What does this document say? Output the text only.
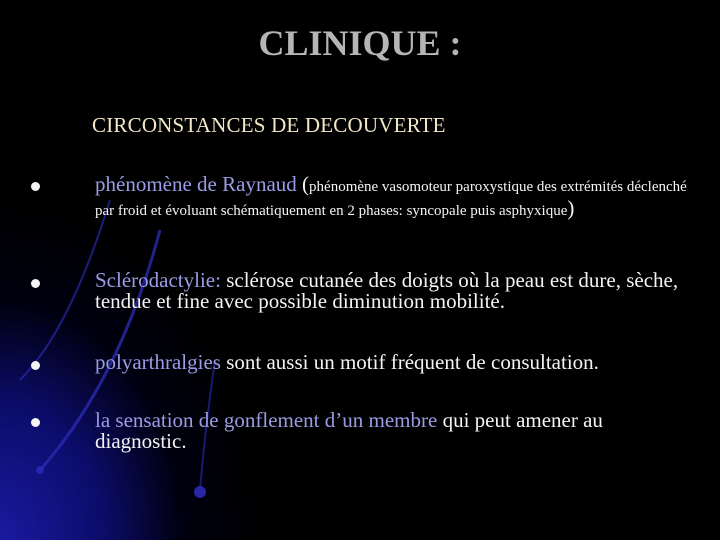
CLINIQUE :
CIRCONSTANCES DE DECOUVERTE
phénomène de Raynaud (phénomène vasomoteur paroxystique des extrémités déclenché par froid et évoluant schématiquement en 2 phases: syncopale puis asphyxique)
Sclérodactylie: sclérose cutanée des doigts où la peau est dure, sèche, tendue et fine avec possible diminution mobilité.
polyarthralgies sont aussi un motif fréquent de consultation.
la sensation de gonflement d’un membre qui peut amener au diagnostic.
